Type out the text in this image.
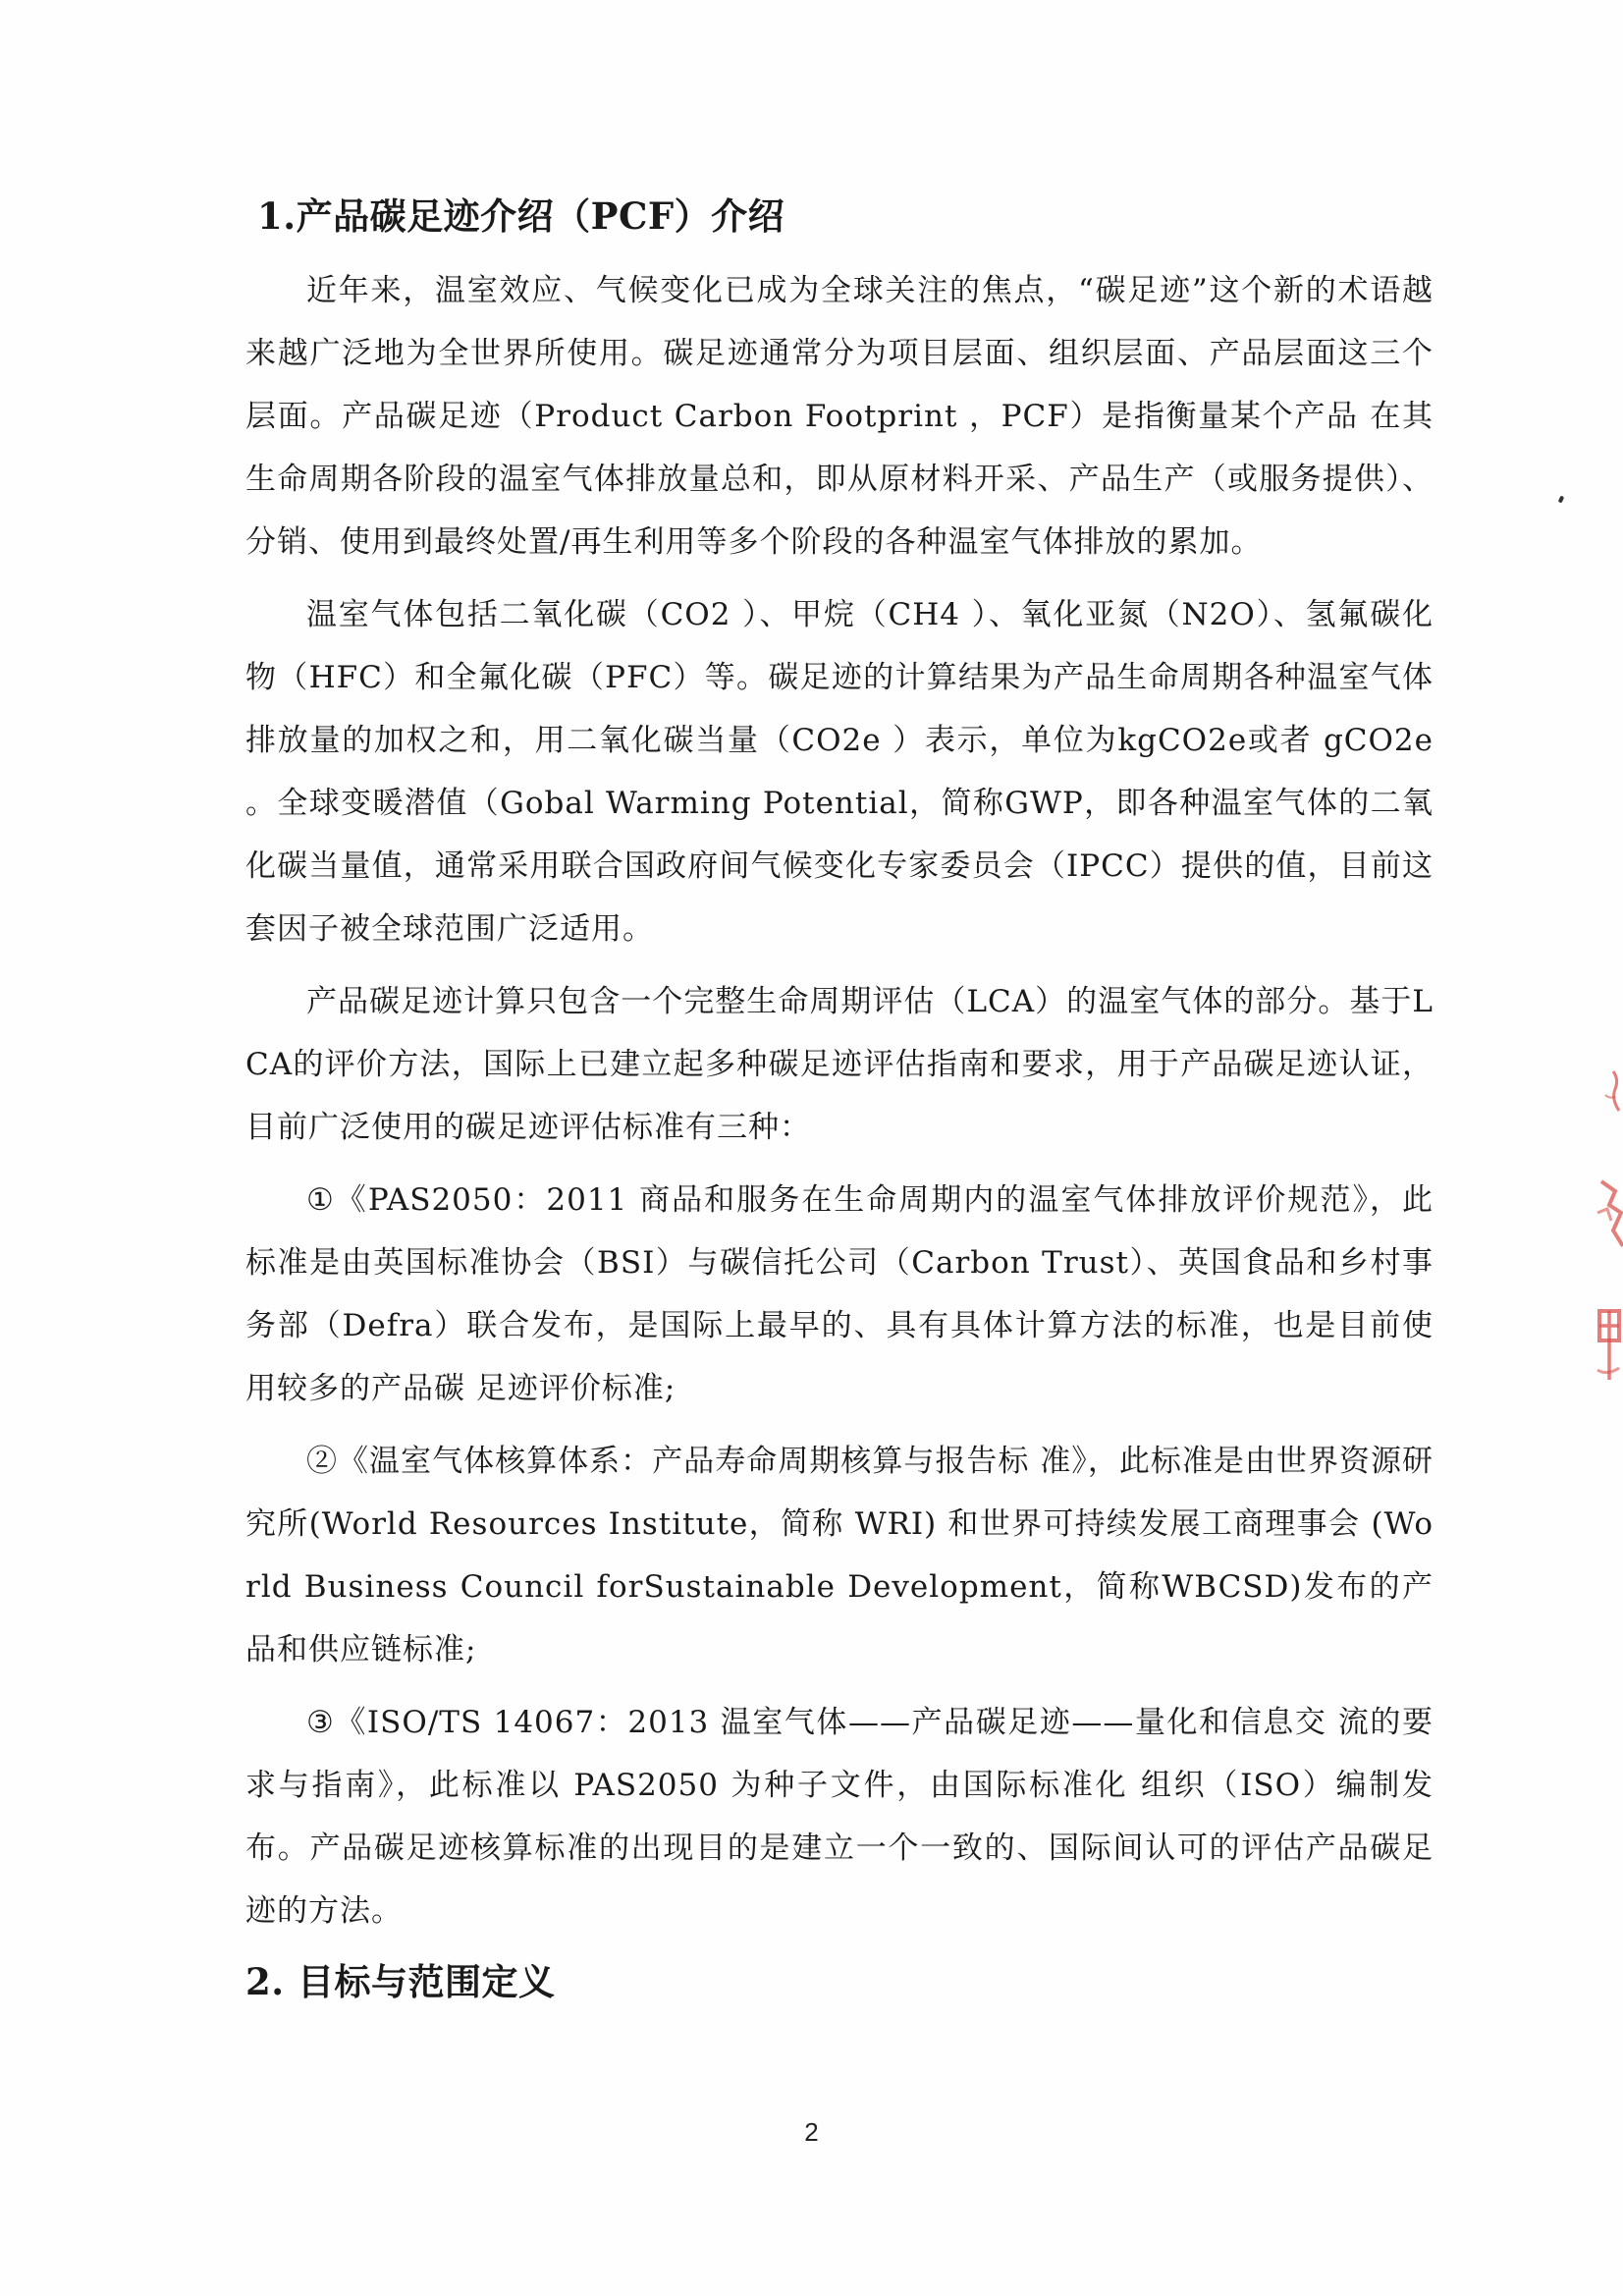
1.产品碳足迹介绍（PCF）介绍

近年来，温室效应、气候变化已成为全球关注的焦点，“碳足迹”这个新的术语越来越广泛地为全世界所使用。碳足迹通常分为项目层面、组织层面、产品层面这三个层面。产品碳足迹（Product Carbon Footprint ，PCF）是指衡量某个产品 在其生命周期各阶段的温室气体排放量总和，即从原材料开采、产品生产（或服务提供）、分销、使用到最终处置/再生利用等多个阶段的各种温室气体排放的累加。

温室气体包括二氧化碳（CO2 ）、甲烷（CH4 ）、氧化亚氮（N2O）、氢氟碳化物（HFC）和全氟化碳（PFC）等。碳足迹的计算结果为产品生命周期各种温室气体排放量的加权之和，用二氧化碳当量（CO2e ）表示，单位为kgCO2e或者 gCO2e 。全球变暖潜值（Gobal Warming Potential，简称GWP，即各种温室气体的二氧化碳当量值，通常采用联合国政府间气候变化专家委员会（IPCC）提供的值，目前这套因子被全球范围广泛适用。

产品碳足迹计算只包含一个完整生命周期评估（LCA）的温室气体的部分。基于LCA的评价方法，国际上已建立起多种碳足迹评估指南和要求，用于产品碳足迹认证，目前广泛使用的碳足迹评估标准有三种：

①《PAS2050：2011 商品和服务在生命周期内的温室气体排放评价规范》，此标准是由英国标准协会（BSI）与碳信托公司（Carbon Trust）、英国食品和乡村事务部（Defra）联合发布，是国际上最早的、具有具体计算方法的标准，也是目前使用较多的产品碳 足迹评价标准;

②《温室气体核算体系：产品寿命周期核算与报告标 准》，此标准是由世界资源研究所(World Resources Institute，简称 WRI) 和世界可持续发展工商理事会 (World Business Council forSustainable Development，简称WBCSD)发布的产品和供应链标准;

③《ISO/TS 14067：2013 温室气体——产品碳足迹——量化和信息交 流的要求与指南》，此标准以 PAS2050 为种子文件，由国际标准化 组织（ISO）编制发布。产品碳足迹核算标准的出现目的是建立一个一致的、国际间认可的评估产品碳足迹的方法。

2. 目标与范围定义
2
